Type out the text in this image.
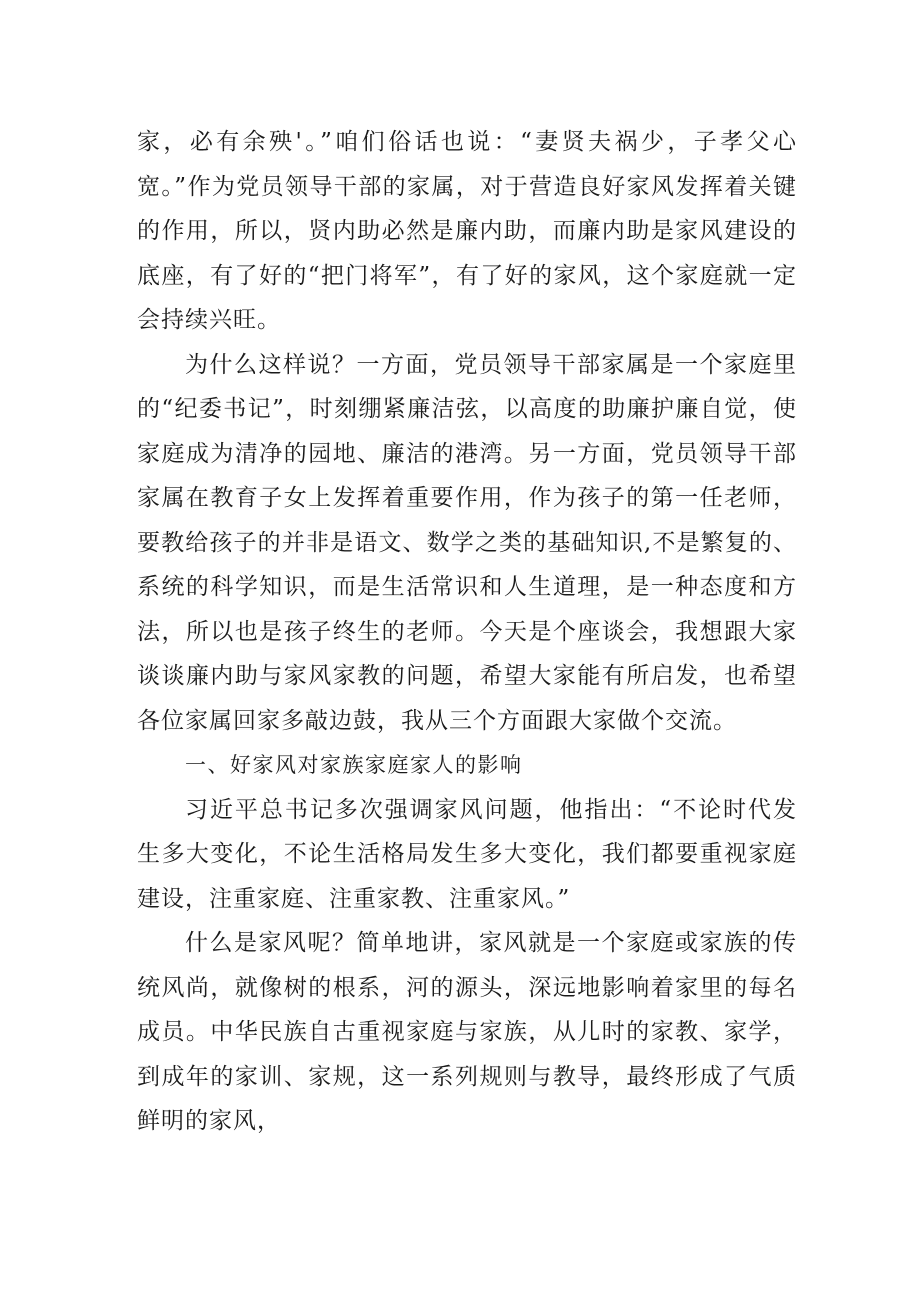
家，必有余殃'。”咱们俗话也说：“妻贤夫祸少，子孝父心宽。”作为党员领导干部的家属，对于营造良好家风发挥着关键的作用，所以，贤内助必然是廉内助，而廉内助是家风建设的底座，有了好的“把门将军”，有了好的家风，这个家庭就一定会持续兴旺。

为什么这样说？一方面，党员领导干部家属是一个家庭里的“纪委书记”，时刻绷紧廉洁弦，以高度的助廉护廉自觉，使家庭成为清净的园地、廉洁的港湾。另一方面，党员领导干部家属在教育子女上发挥着重要作用，作为孩子的第一任老师，要教给孩子的并非是语文、数学之类的基础知识,不是繁复的、系统的科学知识，而是生活常识和人生道理，是一种态度和方法，所以也是孩子终生的老师。今天是个座谈会，我想跟大家谈谈廉内助与家风家教的问题，希望大家能有所启发，也希望各位家属回家多敲边鼓，我从三个方面跟大家做个交流。

一、好家风对家族家庭家人的影响

习近平总书记多次强调家风问题，他指出：“不论时代发生多大变化，不论生活格局发生多大变化，我们都要重视家庭建设，注重家庭、注重家教、注重家风。”

什么是家风呢？简单地讲，家风就是一个家庭或家族的传统风尚，就像树的根系，河的源头，深远地影响着家里的每名成员。中华民族自古重视家庭与家族，从儿时的家教、家学，到成年的家训、家规，这一系列规则与教导，最终形成了气质鲜明的家风，
